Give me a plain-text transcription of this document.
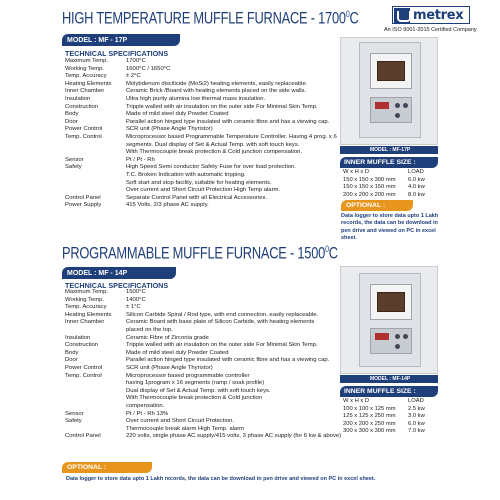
metrex
An ISO 9001-2015 Certified Company
HIGH TEMPERATURE MUFFLE FURNACE - 1700$^0$C
MODEL : MF - 17P
TECHNICAL SPECIFICATIONS
Maximum Temp.	1700°C
Working Temp.	1600°C / 1650°C
Temp. Accuracy	± 2°C
Heating Elements	Molybdenum discilicide (MoSi2) heating elements, easily replaceable.
Inner Chamber	Ceramic Brick /Board with heating elements placed on the side walls.
Insulation	Ultra high purity alumina low thermal mass insulation.
Construction	Tripple walled with air insulation on the outer side For Minimal Skin Temp.
Body	Made of mild steel duly Powder Coated
Door	Parallel action hinged type insulated with ceramic fibre and has a viewing cap.
Power Control	SCR unit (Phase Angle Thyristor)
Temp. Control	Microprocessor based Programmable Temperature Controller. Having 4 prog. x 6
segments. Dual display of Set & Actual Temp. with soft touch keys.
With Thermocouple break protection & Cold junction compensation.
Sensor	Pt / Pt - Rh
Safety	High Speed Semi conductor Safety Fuse for over load protection.
T.C. Broken Indication with automatic tripping.
Soft start and stop facility, suitable for heating elements.
Over current and Short Circuit Protection High Temp alarm.
Control Panel	Separate Control Panel with all Electrical Accessories.
Power Supply	415 Volts, 2/3 phase AC supply.
MODEL : MF-17P
INNER MUFFLE SIZE :
W x H x D	LOAD
150 x 150 x 300 mm	6.0 kw
150 x 150 x 150 mm	4.0 kw
200 x 200 x 200 mm	8.0 kw
OPTIONAL :
Data logger to store data upto 1 Lakh records, the data can be download in pen drive and viewed on PC in excel sheet.
PROGRAMMABLE MUFFLE FURNACE - 1500$^0$C
MODEL : MF - 14P
TECHNICAL SPECIFICATIONS
Maximum Temp.	1500°C
Working Temp.	1400°C
Temp. Accuracy	± 1°C
Heating Elements	Silicon Carbide Spiral / Rod type, with end connection, easily replaceable.
Inner Chamber	Ceramic Board with base plate of Silicon Carbide, with heating elements
placed on the top.
Insulation	Ceramic Fibre of Zirconia grade
Construction	Tripple walled with air insulation on the outer side For Minimal Skin Temp.
Body	Made of mild steel duly Powder Coated
Door	Parallel action hinged type insulated with ceramic fibre and has a viewing cap.
Power Control	SCR unit (Phase Angle Thyristor)
Temp. Control	Microprocessor based programmable controller
having 1program x 16 segments (ramp / soak profile)
Dual display of Set & Actual Temp. with soft touch keys.
With Thermocouple break protection & Cold junction
compensation.
Sensor	Pt / Pt - Rh 13%
Safety	Over current and Short Circuit Protection.
Thermocouple break alarm High Temp. alarm
Control Panel	220 volts, single phase AC supply/415 volts, 3 phase AC supply (for 6 kw & above)
MODEL : MF-14P
INNER MUFFLE SIZE :
W x H x D	LOAD
100 x 100 x 125 mm	2.5 kw
125 x 125 x 250 mm	3.0 kw
200 x 200 x 250 mm	6.0 kw
300 x 300 x 300 mm	7.0 kw
OPTIONAL :
Data logger to store data upto 1 Lakh records, the data can be download in pen drive and viewed on PC in excel sheet.
